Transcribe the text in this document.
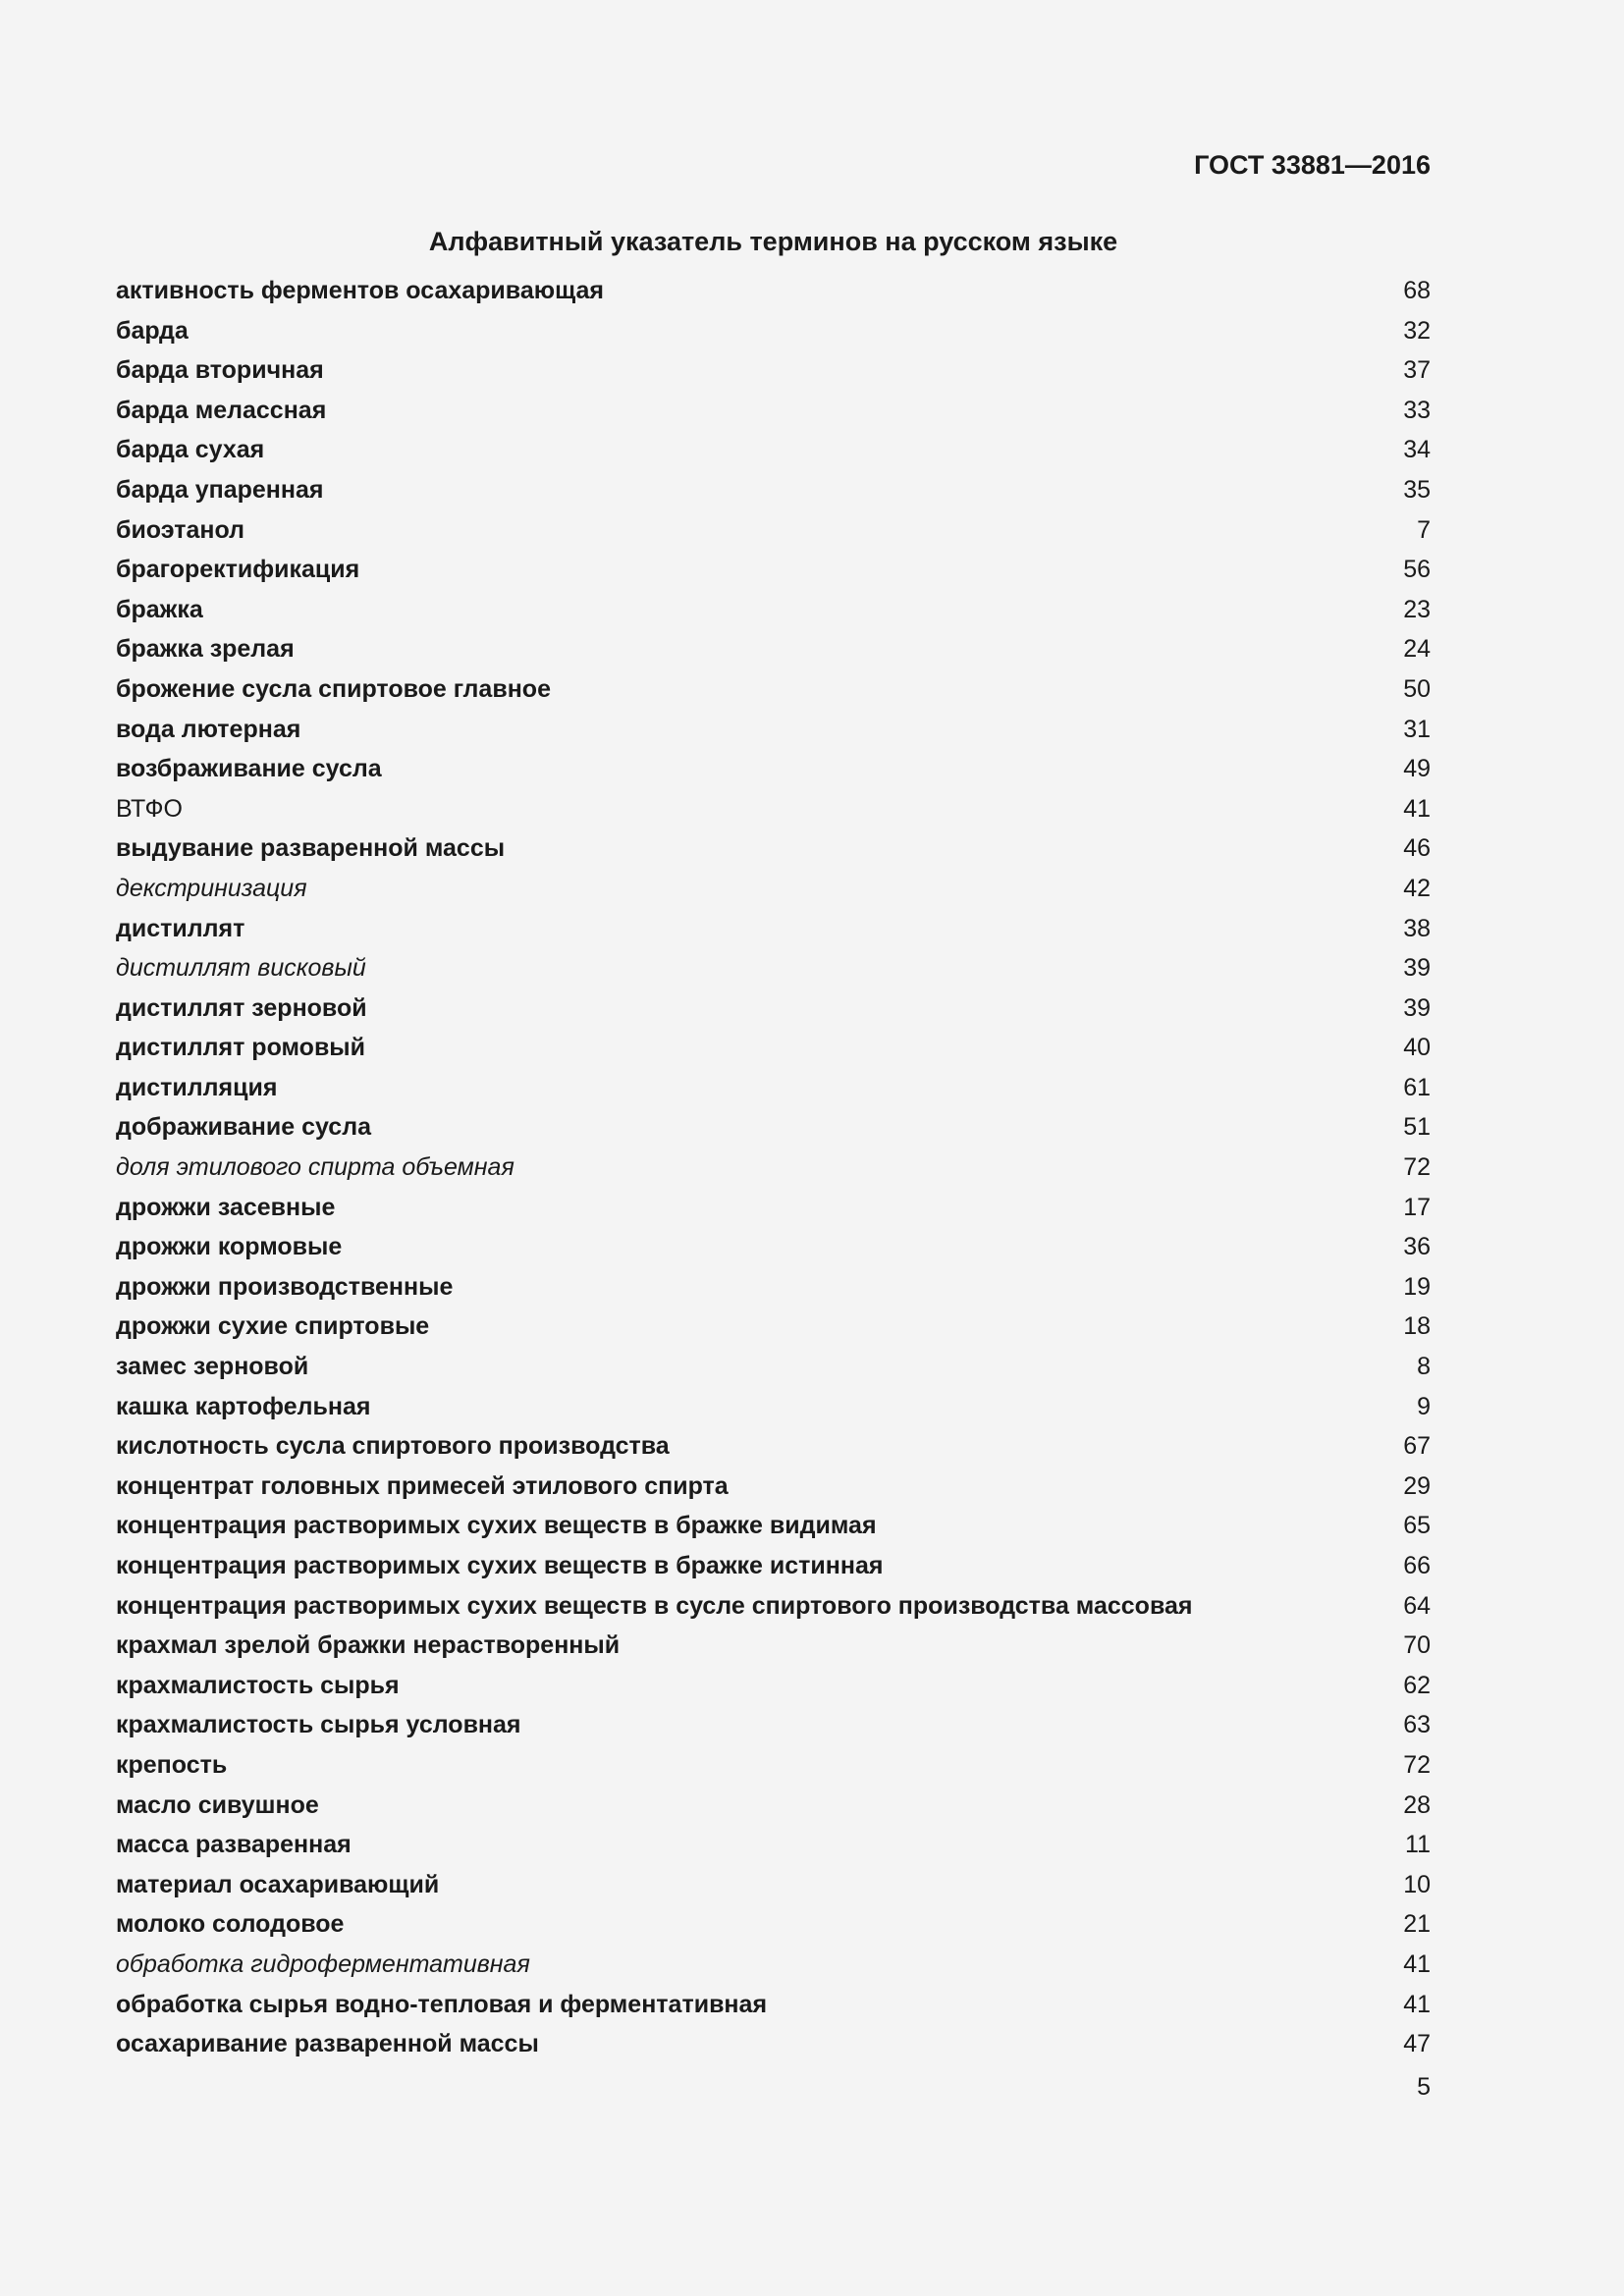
ГОСТ 33881—2016
Алфавитный указатель терминов на русском языке
активность ферментов осахаривающая	68
барда	32
барда вторичная	37
барда мелассная	33
барда сухая	34
барда упаренная	35
биоэтанол	7
брагоректификация	56
бражка	23
бражка зрелая	24
брожение сусла спиртовое главное	50
вода лютерная	31
возбраживание сусла	49
ВТФО	41
выдувание разваренной массы	46
декстринизация	42
дистиллят	38
дистиллят висковый	39
дистиллят зерновой	39
дистиллят ромовый	40
дистилляция	61
дображивание сусла	51
доля этилового спирта объемная	72
дрожжи засевные	17
дрожжи кормовые	36
дрожжи производственные	19
дрожжи сухие спиртовые	18
замес зерновой	8
кашка картофельная	9
кислотность сусла спиртового производства	67
концентрат головных примесей этилового спирта	29
концентрация растворимых сухих веществ в бражке видимая	65
концентрация растворимых сухих веществ в бражке истинная	66
концентрация растворимых сухих веществ в сусле спиртового производства массовая	64
крахмал зрелой бражки нерастворенный	70
крахмалистость сырья	62
крахмалистость сырья условная	63
крепость	72
масло сивушное	28
масса разваренная	11
материал осахаривающий	10
молоко солодовое	21
обработка гидроферментативная	41
обработка сырья водно-тепловая и ферментативная	41
осахаривание разваренной массы	47
5
